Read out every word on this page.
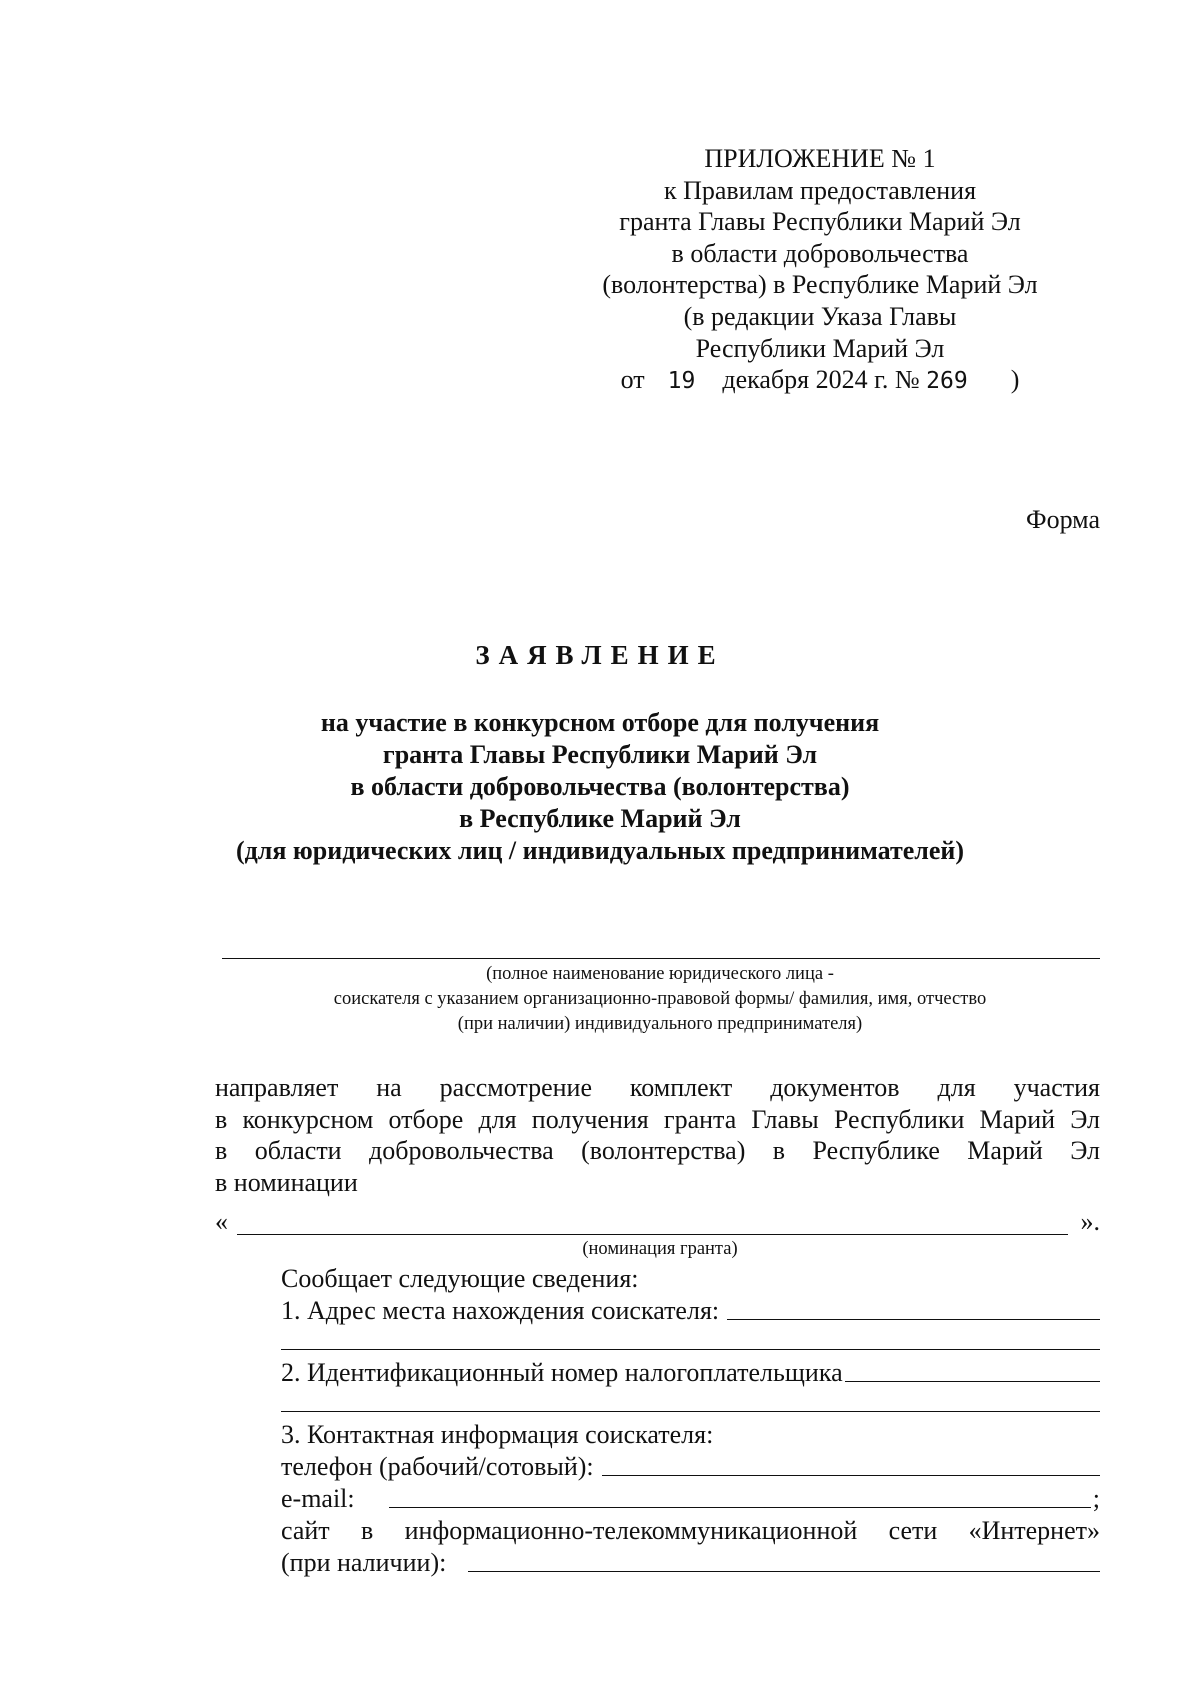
ПРИЛОЖЕНИЕ № 1
к Правилам предоставления
гранта Главы Республики Марий Эл
в области добровольчества
(волонтерства) в Республике Марий Эл
(в редакции Указа Главы
Республики Марий Эл
от 19 декабря 2024 г. № 269 )
Форма
ЗАЯВЛЕНИЕ
на участие в конкурсном отборе для получения
гранта Главы Республики Марий Эл
в области добровольчества (волонтерства)
в Республике Марий Эл
(для юридических лиц / индивидуальных предпринимателей)
(полное наименование юридического лица -
соискателя с указанием организационно-правовой формы/ фамилия, имя, отчество
(при наличии) индивидуального предпринимателя)
направляет на рассмотрение комплект документов для участия
в конкурсном отборе для получения гранта Главы Республики Марий Эл
в области добровольчества (волонтерства) в Республике Марий Эл
в номинации
«	».
(номинация гранта)
Сообщает следующие сведения:
1. Адрес места нахождения соискателя:
2. Идентификационный номер налогоплательщика
3. Контактная информация соискателя:
телефон (рабочий/сотовый):
e-mail:	;
сайт в информационно-телекоммуникационной сети «Интернет»
(при наличии):
